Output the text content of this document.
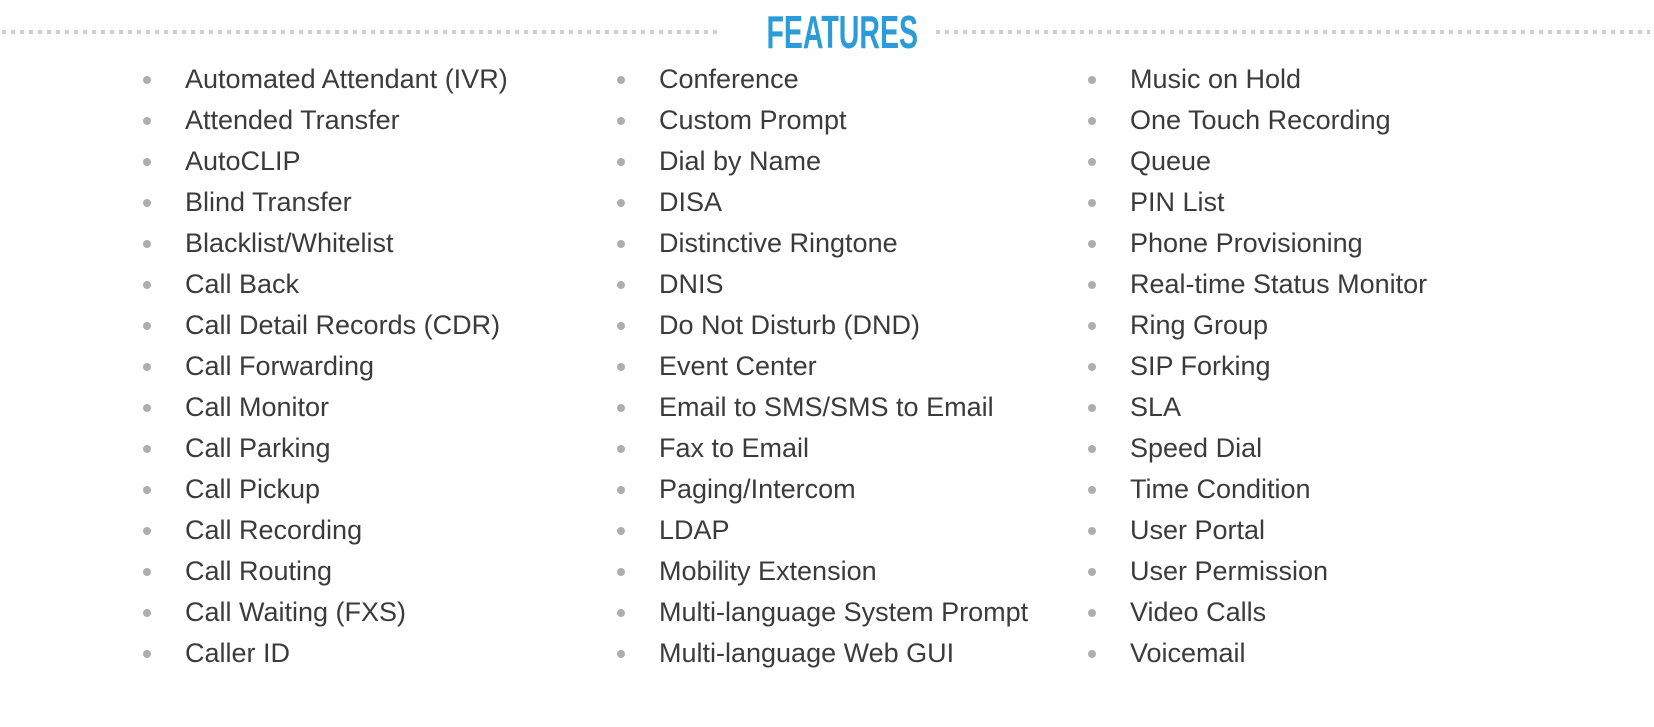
FEATURES
Automated Attendant (IVR)
Attended Transfer
AutoCLIP
Blind Transfer
Blacklist/Whitelist
Call Back
Call Detail Records (CDR)
Call Forwarding
Call Monitor
Call Parking
Call Pickup
Call Recording
Call Routing
Call Waiting (FXS)
Caller ID
Conference
Custom Prompt
Dial by Name
DISA
Distinctive Ringtone
DNIS
Do Not Disturb (DND)
Event Center
Email to SMS/SMS to Email
Fax to Email
Paging/Intercom
LDAP
Mobility Extension
Multi-language System Prompt
Multi-language Web GUI
Music on Hold
One Touch Recording
Queue
PIN List
Phone Provisioning
Real-time Status Monitor
Ring Group
SIP Forking
SLA
Speed Dial
Time Condition
User Portal
User Permission
Video Calls
Voicemail
